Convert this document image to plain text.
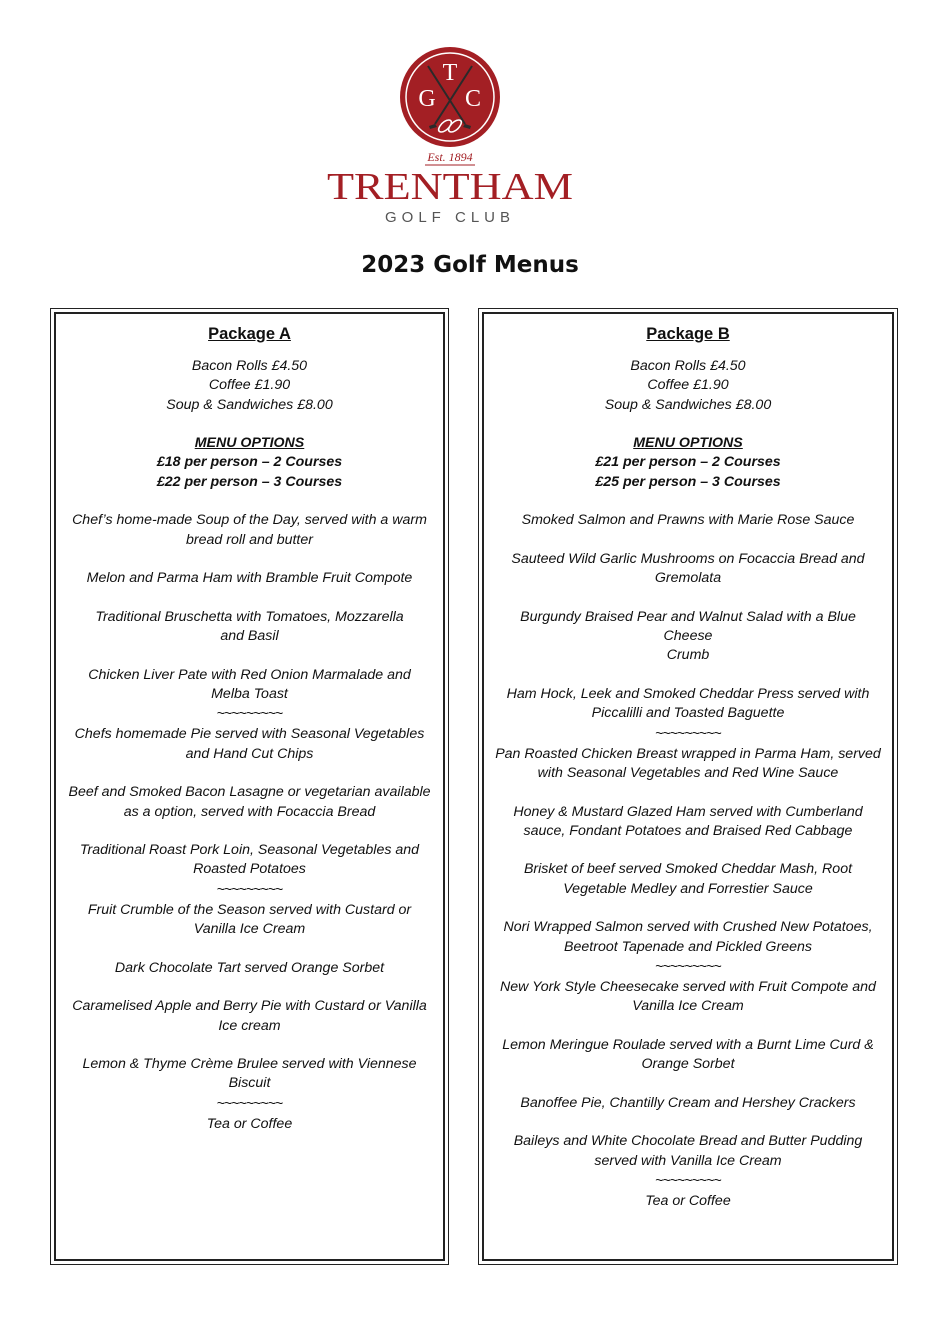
T
G C
Est. 1894
TRENTHAM
GOLF CLUB
2023 Golf Menus
Package A
Bacon Rolls £4.50
Coffee £1.90
Soup & Sandwiches £8.00
MENU OPTIONS
£18 per person – 2 Courses
£22 per person – 3 Courses
Chef’s home-made Soup of the Day, served with a warm
bread roll and butter
Melon and Parma Ham with Bramble Fruit Compote
Traditional Bruschetta with Tomatoes, Mozzarella
and Basil
Chicken Liver Pate with Red Onion Marmalade and
Melba Toast
~~~~~~~~~
Chefs homemade Pie served with Seasonal Vegetables
and Hand Cut Chips
Beef and Smoked Bacon Lasagne or vegetarian available
as a option, served with Focaccia Bread
Traditional Roast Pork Loin, Seasonal Vegetables and
Roasted Potatoes
~~~~~~~~~
Fruit Crumble of the Season served with Custard or
Vanilla Ice Cream
Dark Chocolate Tart served Orange Sorbet
Caramelised Apple and Berry Pie with Custard or Vanilla
Ice cream
Lemon & Thyme Crème Brulee served with Viennese
Biscuit
~~~~~~~~~
Tea or Coffee
Package B
Bacon Rolls £4.50
Coffee £1.90
Soup & Sandwiches £8.00
MENU OPTIONS
£21 per person – 2 Courses
£25 per person – 3 Courses
Smoked Salmon and Prawns with Marie Rose Sauce
Sauteed Wild Garlic Mushrooms on Focaccia Bread and
Gremolata
Burgundy Braised Pear and Walnut Salad with a Blue Cheese
Crumb
Ham Hock, Leek and Smoked Cheddar Press served with
Piccalilli and Toasted Baguette
~~~~~~~~~
Pan Roasted Chicken Breast wrapped in Parma Ham, served
with Seasonal Vegetables and Red Wine Sauce
Honey & Mustard Glazed Ham served with Cumberland
sauce, Fondant Potatoes and Braised Red Cabbage
Brisket of beef served Smoked Cheddar Mash, Root
Vegetable Medley and Forrestier Sauce
Nori Wrapped Salmon served with Crushed New Potatoes,
Beetroot Tapenade and Pickled Greens
~~~~~~~~~
New York Style Cheesecake served with Fruit Compote and
Vanilla Ice Cream
Lemon Meringue Roulade served with a Burnt Lime Curd &
Orange Sorbet
Banoffee Pie, Chantilly Cream and Hershey Crackers
Baileys and White Chocolate Bread and Butter Pudding
served with Vanilla Ice Cream
~~~~~~~~~
Tea or Coffee
